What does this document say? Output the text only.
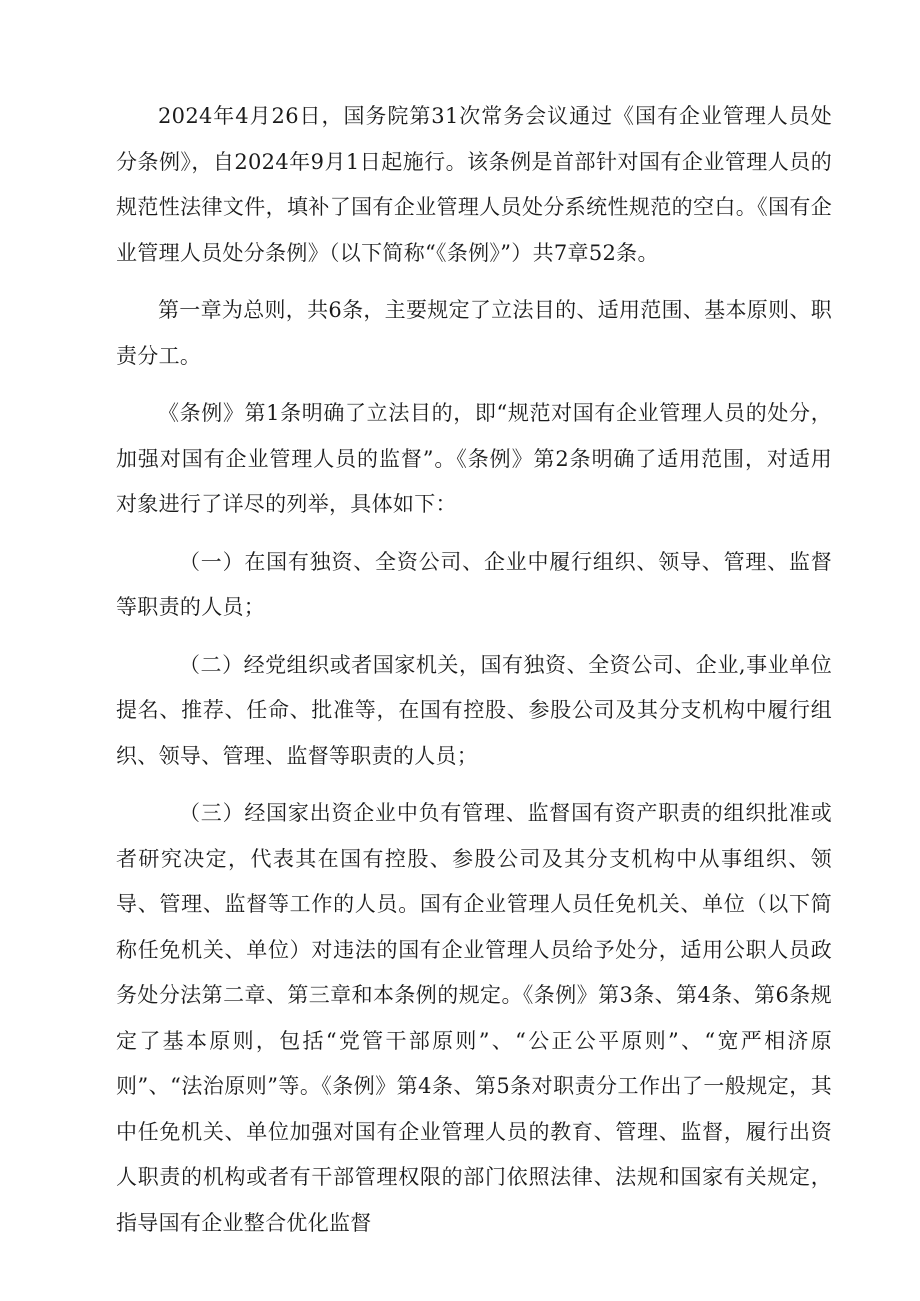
2024年4月26日，国务院第31次常务会议通过《国有企业管理人员处分条例》，自2024年9月1日起施行。该条例是首部针对国有企业管理人员的规范性法律文件，填补了国有企业管理人员处分系统性规范的空白。《国有企业管理人员处分条例》（以下简称“《条例》”）共7章52条。

第一章为总则，共6条，主要规定了立法目的、适用范围、基本原则、职责分工。

《条例》第1条明确了立法目的，即“规范对国有企业管理人员的处分，加强对国有企业管理人员的监督”。《条例》第2条明确了适用范围，对适用对象进行了详尽的列举，具体如下：

（一）在国有独资、全资公司、企业中履行组织、领导、管理、监督等职责的人员；

（二）经党组织或者国家机关，国有独资、全资公司、企业,事业单位提名、推荐、任命、批准等，在国有控股、参股公司及其分支机构中履行组织、领导、管理、监督等职责的人员；

（三）经国家出资企业中负有管理、监督国有资产职责的组织批准或者研究决定，代表其在国有控股、参股公司及其分支机构中从事组织、领导、管理、监督等工作的人员。国有企业管理人员任免机关、单位（以下简称任免机关、单位）对违法的国有企业管理人员给予处分，适用公职人员政务处分法第二章、第三章和本条例的规定。《条例》第3条、第4条、第6条规定了基本原则，包括“党管干部原则”、“公正公平原则”、“宽严相济原则”、“法治原则”等。《条例》第4条、第5条对职责分工作出了一般规定，其中任免机关、单位加强对国有企业管理人员的教育、管理、监督，履行出资人职责的机构或者有干部管理权限的部门依照法律、法规和国家有关规定，指导国有企业整合优化监督
